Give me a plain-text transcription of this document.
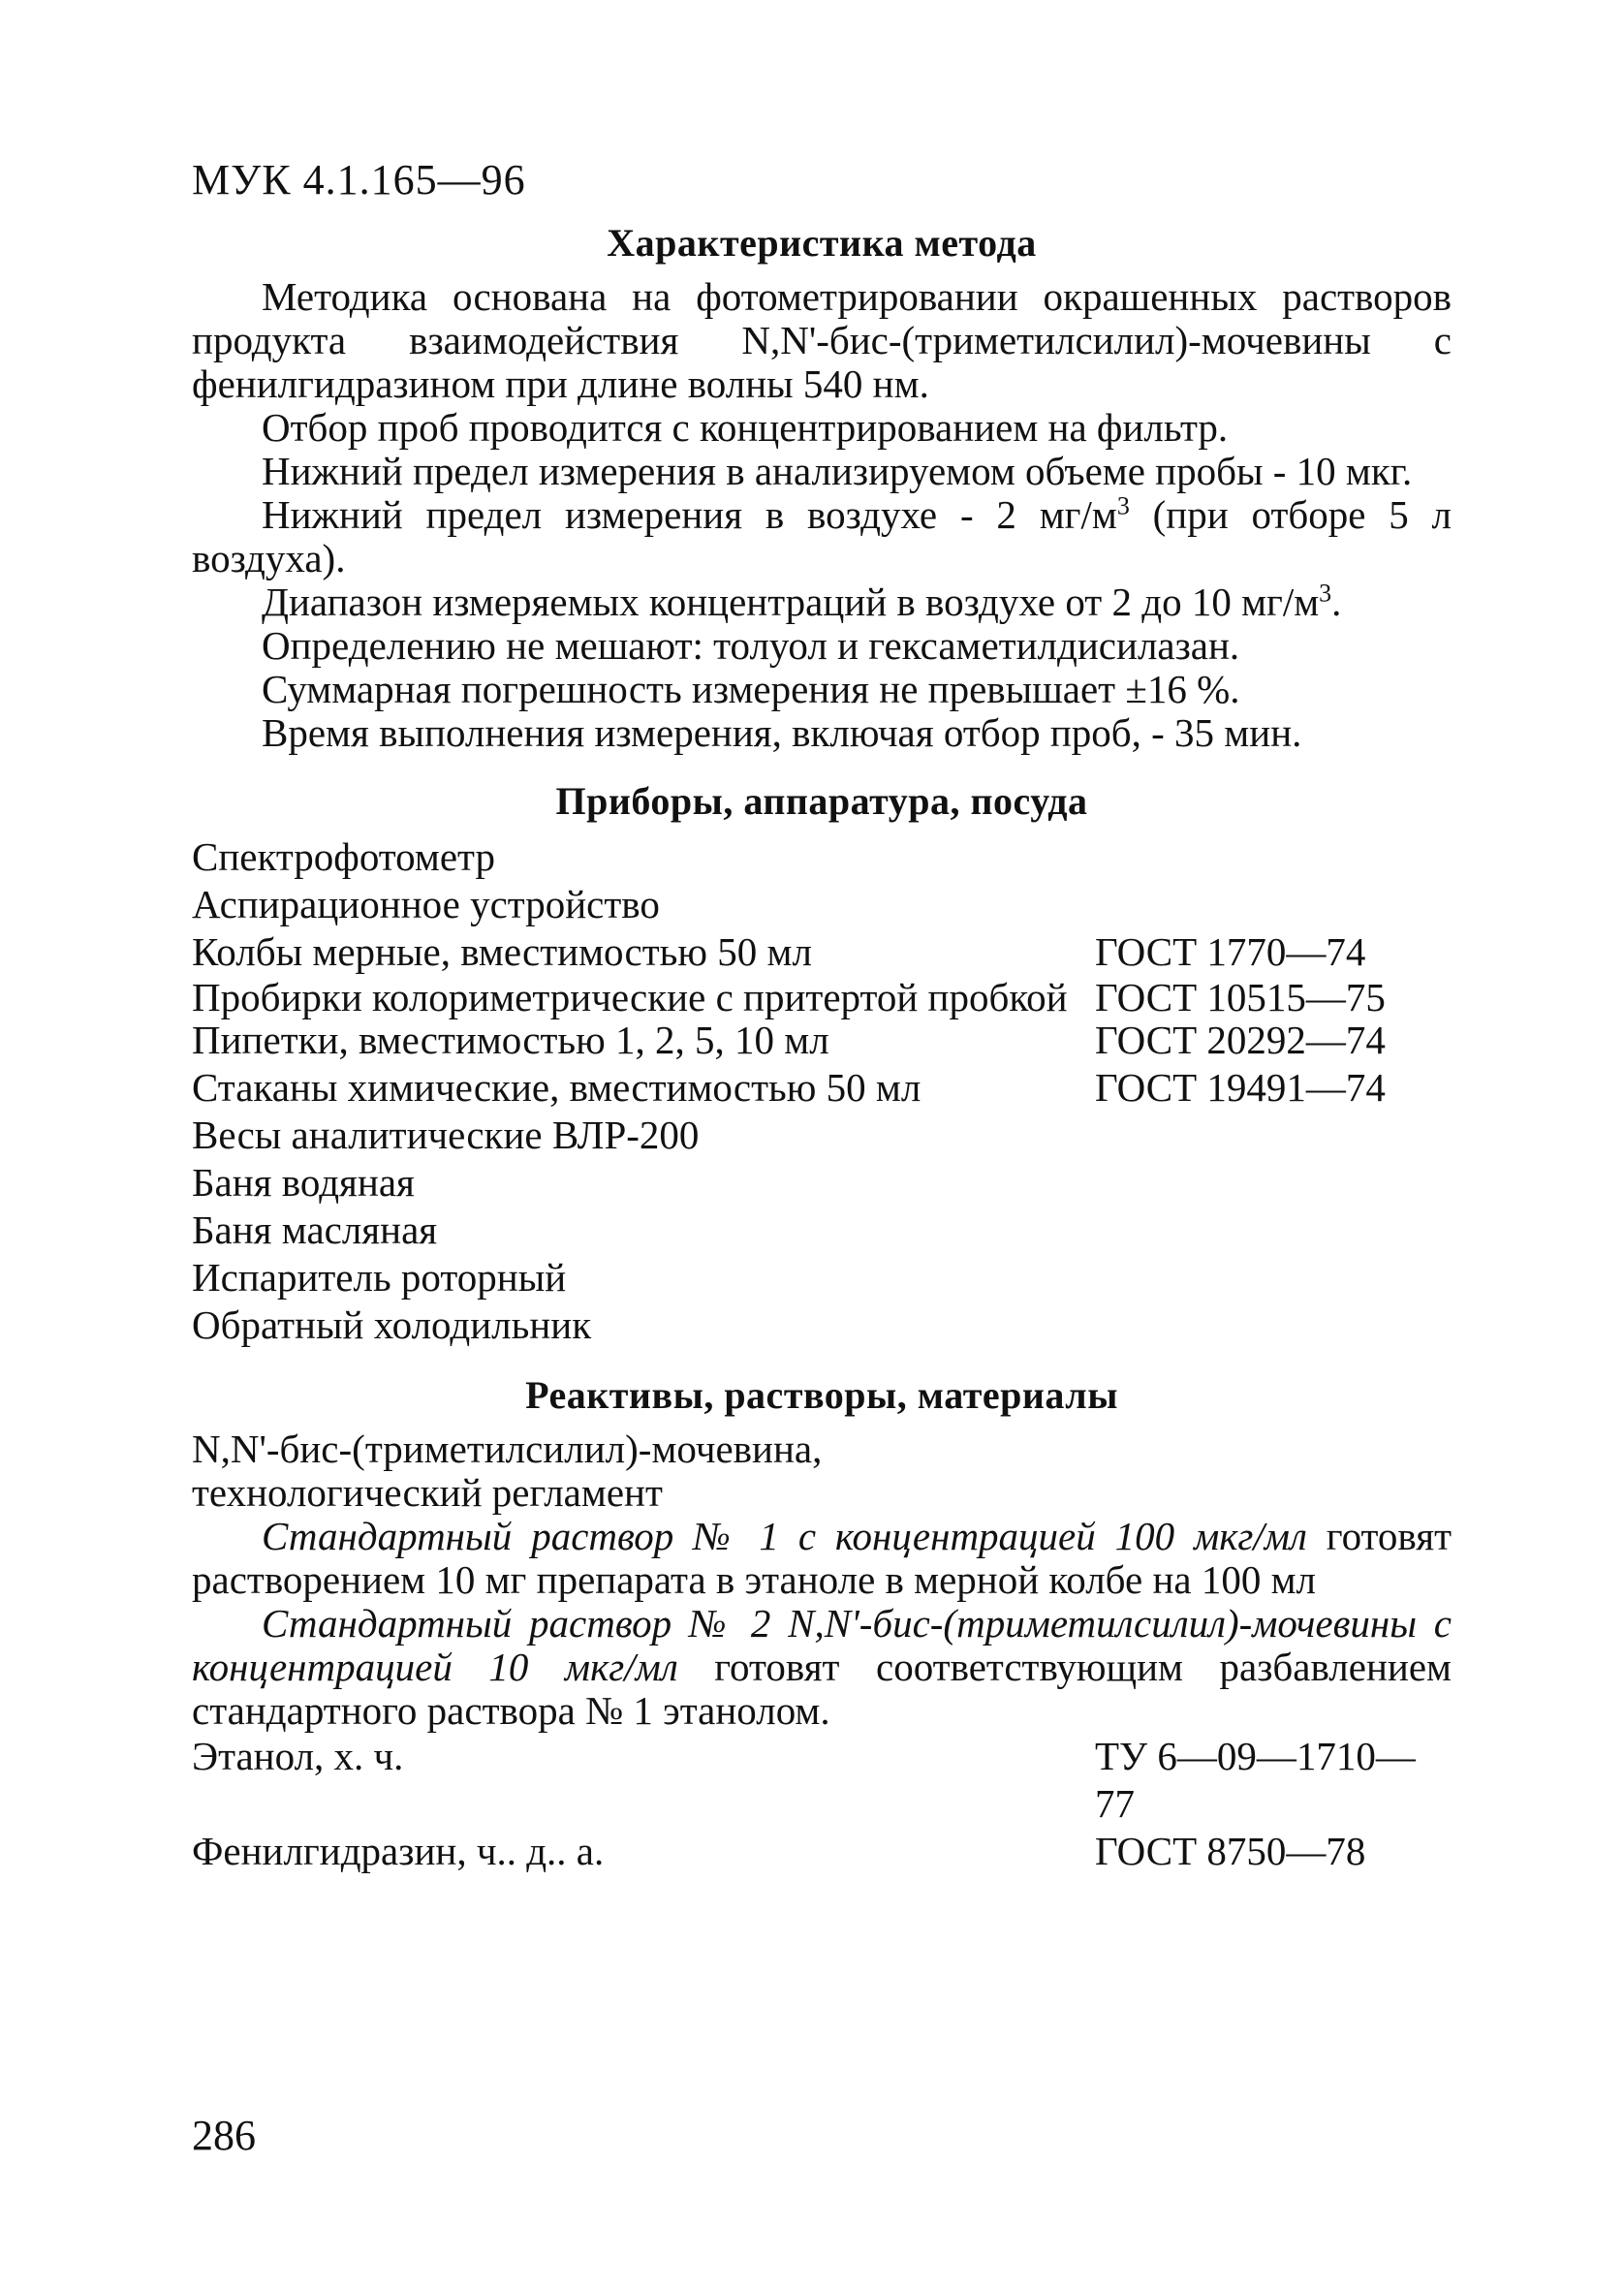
МУК 4.1.165—96
Характеристика метода

Методика основана на фотометрировании окрашенных растворов продукта взаимодействия N,N'-бис-(триметилсилил)-мочевины с фенилгидразином при длине волны 540 нм.

Отбор проб проводится с концентрированием на фильтр.

Нижний предел измерения в анализируемом объеме пробы - 10 мкг.

Нижний предел измерения в воздухе - 2 $мг/м^3$ (при отборе 5 л воздуха).

Диапазон измеряемых концентраций в воздухе от 2 до 10 $мг/м^3$.

Определению не мешают: толуол и гексаметилдисилазан.

Суммарная погрешность измерения не превышает ±16 %.

Время выполнения измерения, включая отбор проб, - 35 мин.

Приборы, аппаратура, посуда
Спектрофотометр
Аспирационное устройство
Колбы мерные, вместимостью 50 мл	ГОСТ 1770—74
Пробирки колориметрические с притертой пробкой ГОСТ 10515—75
Пипетки, вместимостью 1, 2, 5, 10 мл	ГОСТ 20292—74
Стаканы химические, вместимостью 50 мл	ГОСТ 19491—74
Весы аналитические ВЛР-200
Баня водяная
Баня масляная
Испаритель роторный
Обратный холодильник
Реактивы, растворы, материалы

N,N'-бис-(триметилсилил)-мочевина, технологический регламент

Стандартный раствор № 1 с концентрацией 100 мкг/мл готовят растворением 10 мг препарата в этаноле в мерной колбе на 100 мл

Стандартный раствор № 2 N,N'-бис-(триметилсилил)-мочевины с концентрацией 10 мкг/мл готовят соответствующим разбавлением стандартного раствора № 1 этанолом.

Этанол, х. ч.	ТУ 6—09—1710—77
Фенилгидразин, ч.. д.. а.	ГОСТ 8750—78
286
